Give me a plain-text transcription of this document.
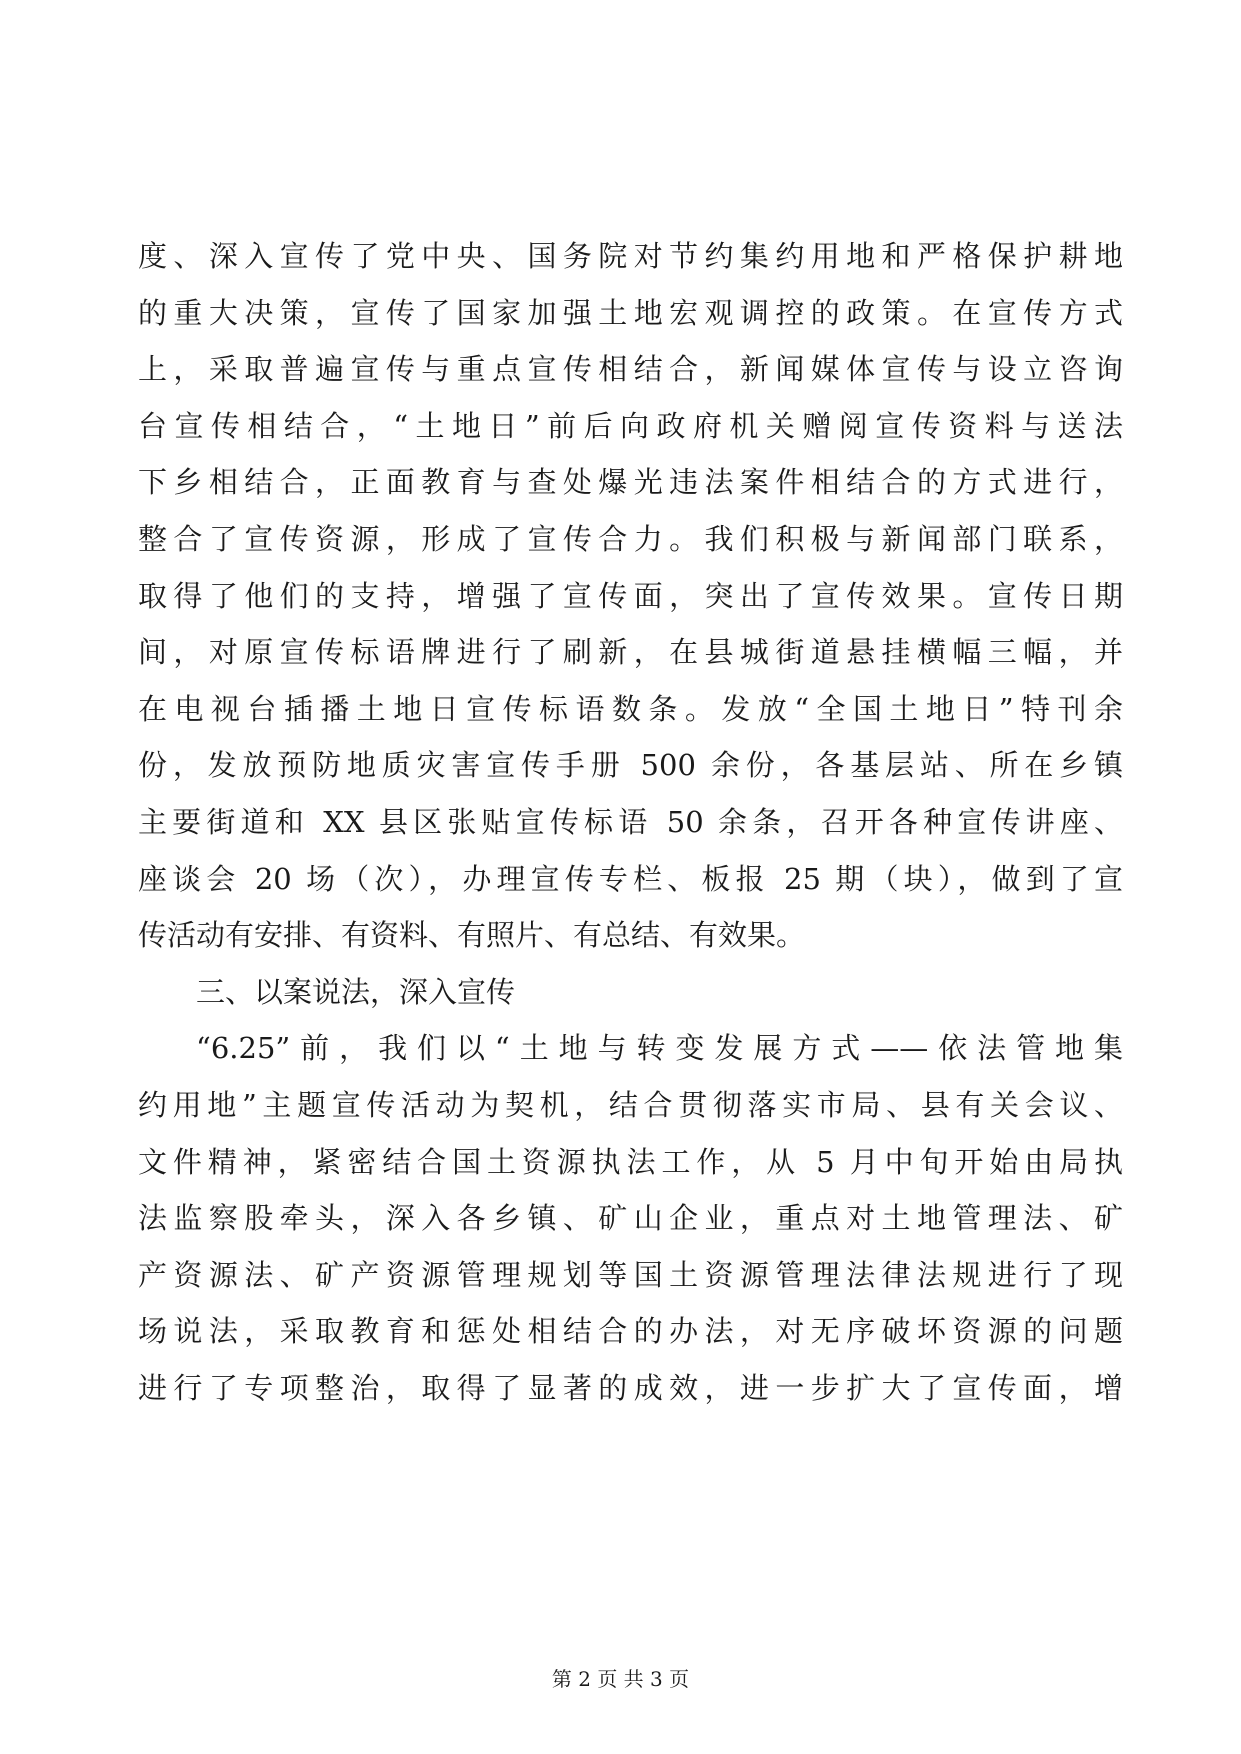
度、深入宣传了党中央、国务院对节约集约用地和严格保护耕地
的重大决策，宣传了国家加强土地宏观调控的政策。在宣传方式
上，采取普遍宣传与重点宣传相结合，新闻媒体宣传与设立咨询
台宣传相结合，“土地日”前后向政府机关赠阅宣传资料与送法
下乡相结合，正面教育与查处爆光违法案件相结合的方式进行，
整合了宣传资源，形成了宣传合力。我们积极与新闻部门联系，
取得了他们的支持，增强了宣传面，突出了宣传效果。宣传日期
间，对原宣传标语牌进行了刷新，在县城街道悬挂横幅三幅，并
在电视台插播土地日宣传标语数条。发放“全国土地日”特刊余
份，发放预防地质灾害宣传手册 500 余份，各基层站、所在乡镇
主要街道和 XX 县区张贴宣传标语 50 余条，召开各种宣传讲座、
座谈会 20 场（次），办理宣传专栏、板报 25 期（块），做到了宣
传活动有安排、有资料、有照片、有总结、有效果。
三、以案说法，深入宣传
“6.25”前，我们以“土地与转变发展方式——依法管地集
约用地”主题宣传活动为契机，结合贯彻落实市局、县有关会议、
文件精神，紧密结合国土资源执法工作，从 5 月中旬开始由局执
法监察股牵头，深入各乡镇、矿山企业，重点对土地管理法、矿
产资源法、矿产资源管理规划等国土资源管理法律法规进行了现
场说法，采取教育和惩处相结合的办法，对无序破坏资源的问题
进行了专项整治，取得了显著的成效，进一步扩大了宣传面，增
第 2 页 共 3 页
